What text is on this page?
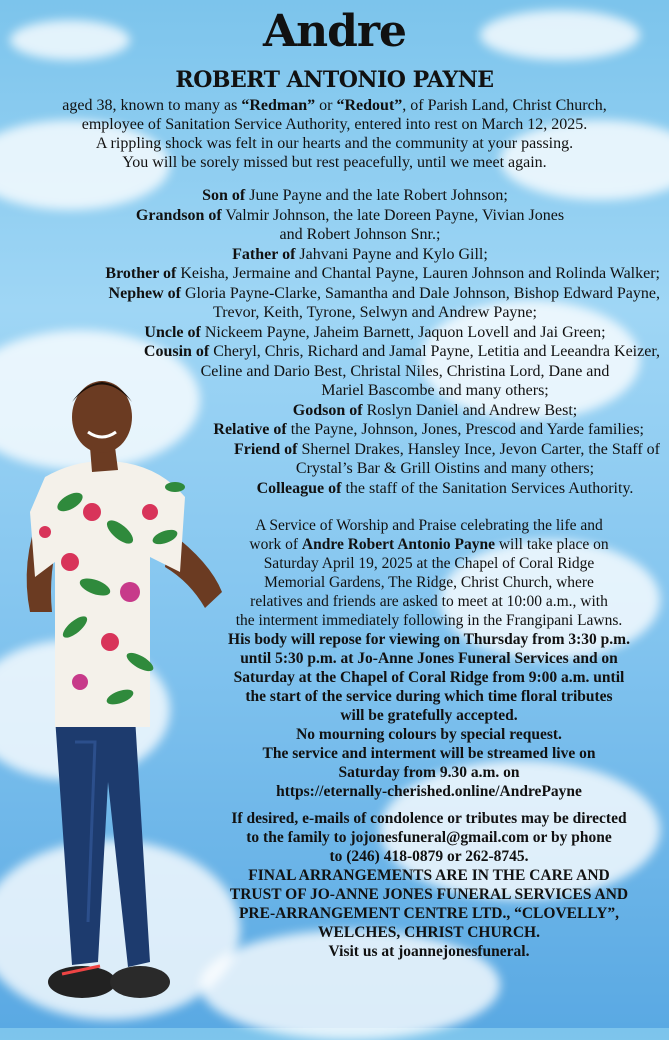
Andre
ROBERT ANTONIO PAYNE
aged 38, known to many as “Redman” or “Redout”, of Parish Land, Christ Church,
employee of Sanitation Service Authority, entered into rest on March 12, 2025.
A rippling shock was felt in our hearts and the community at your passing.
You will be sorely missed but rest peacefully, until we meet again.
Son of June Payne and the late Robert Johnson;
Grandson of Valmir Johnson, the late Doreen Payne, Vivian Jones
and Robert Johnson Snr.;
Father of Jahvani Payne and Kylo Gill;
Brother of Keisha, Jermaine and Chantal Payne, Lauren Johnson and Rolinda Walker;
Nephew of Gloria Payne-Clarke, Samantha and Dale Johnson, Bishop Edward Payne,
Trevor, Keith, Tyrone, Selwyn and Andrew Payne;
Uncle of Nickeem Payne, Jaheim Barnett, Jaquon Lovell and Jai Green;
Cousin of Cheryl, Chris, Richard and Jamal Payne, Letitia and Leeandra Keizer,
Celine and Dario Best, Christal Niles, Christina Lord, Dane and
Mariel Bascombe and many others;
Godson of Roslyn Daniel and Andrew Best;
Relative of the Payne, Johnson, Jones, Prescod and Yarde families;
Friend of Shernel Drakes, Hansley Ince, Jevon Carter, the Staff of
Crystal’s Bar & Grill Oistins and many others;
Colleague of the staff of the Sanitation Services Authority.
A Service of Worship and Praise celebrating the life and
work of Andre Robert Antonio Payne will take place on
Saturday April 19, 2025 at the Chapel of Coral Ridge
Memorial Gardens, The Ridge, Christ Church, where
relatives and friends are asked to meet at 10:00 a.m., with
the interment immediately following in the Frangipani Lawns.
His body will repose for viewing on Thursday from 3:30 p.m.
until 5:30 p.m. at Jo-Anne Jones Funeral Services and on
Saturday at the Chapel of Coral Ridge from 9:00 a.m. until
the start of the service during which time floral tributes
will be gratefully accepted.
No mourning colours by special request.
The service and interment will be streamed live on
Saturday from 9.30 a.m. on
https://eternally-cherished.online/AndrePayne
If desired, e-mails of condolence or tributes may be directed
to the family to jojonesfuneral@gmail.com or by phone
to (246) 418-0879 or 262-8745.
FINAL ARRANGEMENTS ARE IN THE CARE AND
TRUST OF JO-ANNE JONES FUNERAL SERVICES AND
PRE-ARRANGEMENT CENTRE LTD., “CLOVELLY”,
WELCHES, CHRIST CHURCH.
Visit us at joannejonesfuneral.
